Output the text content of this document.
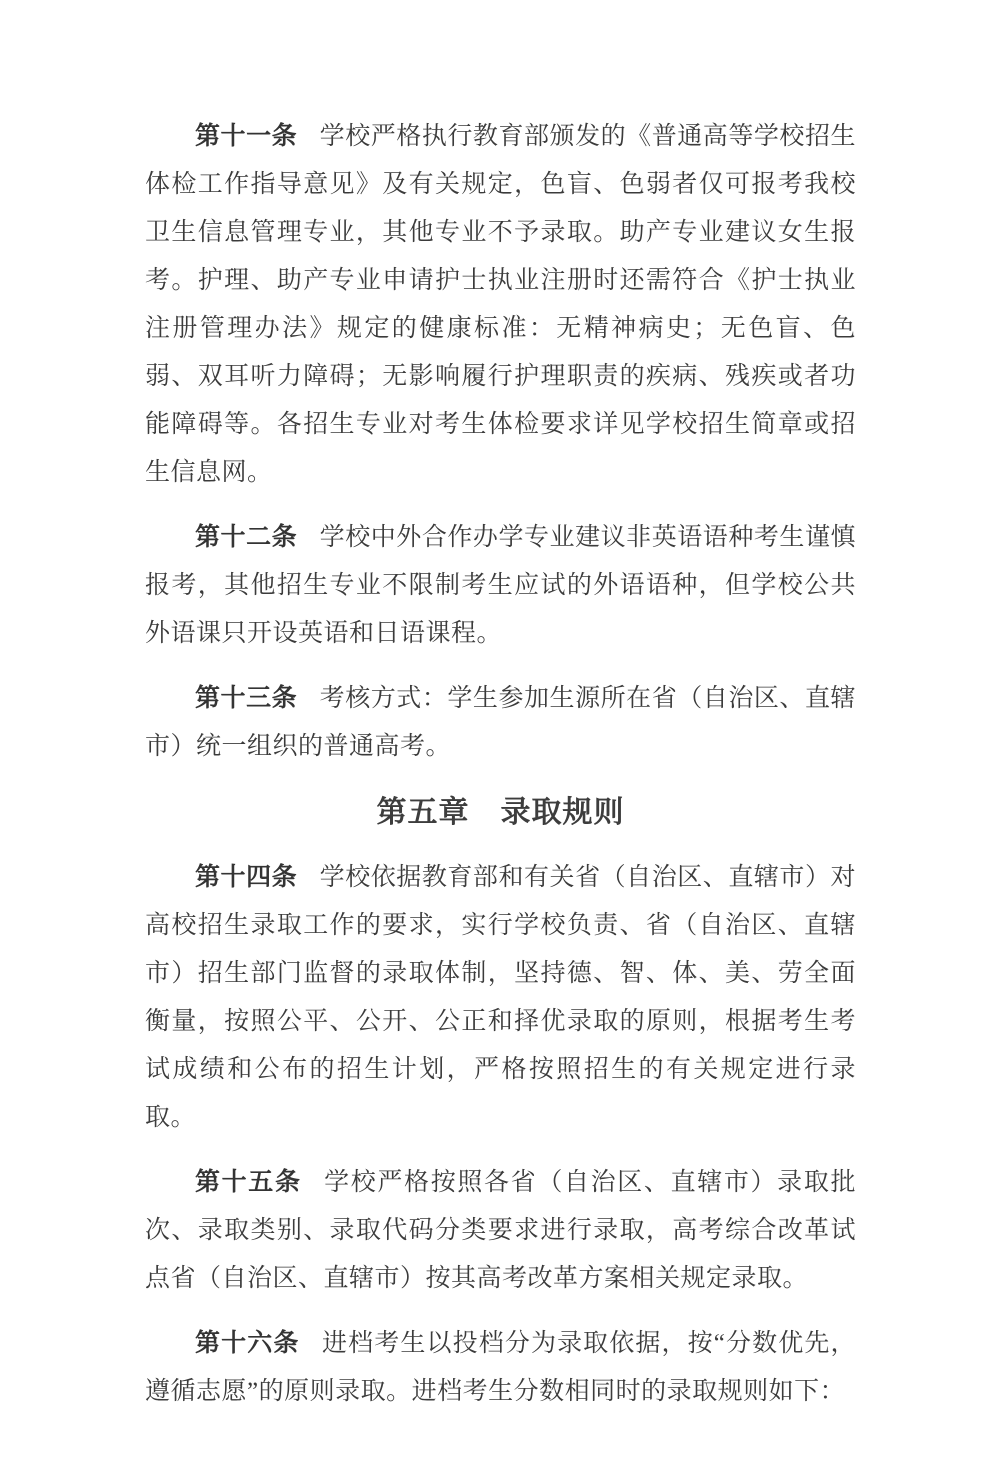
第十一条 学校严格执行教育部颁发的《普通高等学校招生体检工作指导意见》及有关规定，色盲、色弱者仅可报考我校卫生信息管理专业，其他专业不予录取。助产专业建议女生报考。护理、助产专业申请护士执业注册时还需符合《护士执业注册管理办法》规定的健康标准：无精神病史；无色盲、色弱、双耳听力障碍；无影响履行护理职责的疾病、残疾或者功能障碍等。各招生专业对考生体检要求详见学校招生简章或招生信息网。

第十二条 学校中外合作办学专业建议非英语语种考生谨慎报考，其他招生专业不限制考生应试的外语语种，但学校公共外语课只开设英语和日语课程。

第十三条 考核方式：学生参加生源所在省（自治区、直辖市）统一组织的普通高考。

第五章　录取规则

第十四条 学校依据教育部和有关省（自治区、直辖市）对高校招生录取工作的要求，实行学校负责、省（自治区、直辖市）招生部门监督的录取体制，坚持德、智、体、美、劳全面衡量，按照公平、公开、公正和择优录取的原则，根据考生考试成绩和公布的招生计划，严格按照招生的有关规定进行录取。

第十五条 学校严格按照各省（自治区、直辖市）录取批次、录取类别、录取代码分类要求进行录取，高考综合改革试点省（自治区、直辖市）按其高考改革方案相关规定录取。

第十六条 进档考生以投档分为录取依据，按“分数优先，遵循志愿”的原则录取。进档考生分数相同时的录取规则如下：
